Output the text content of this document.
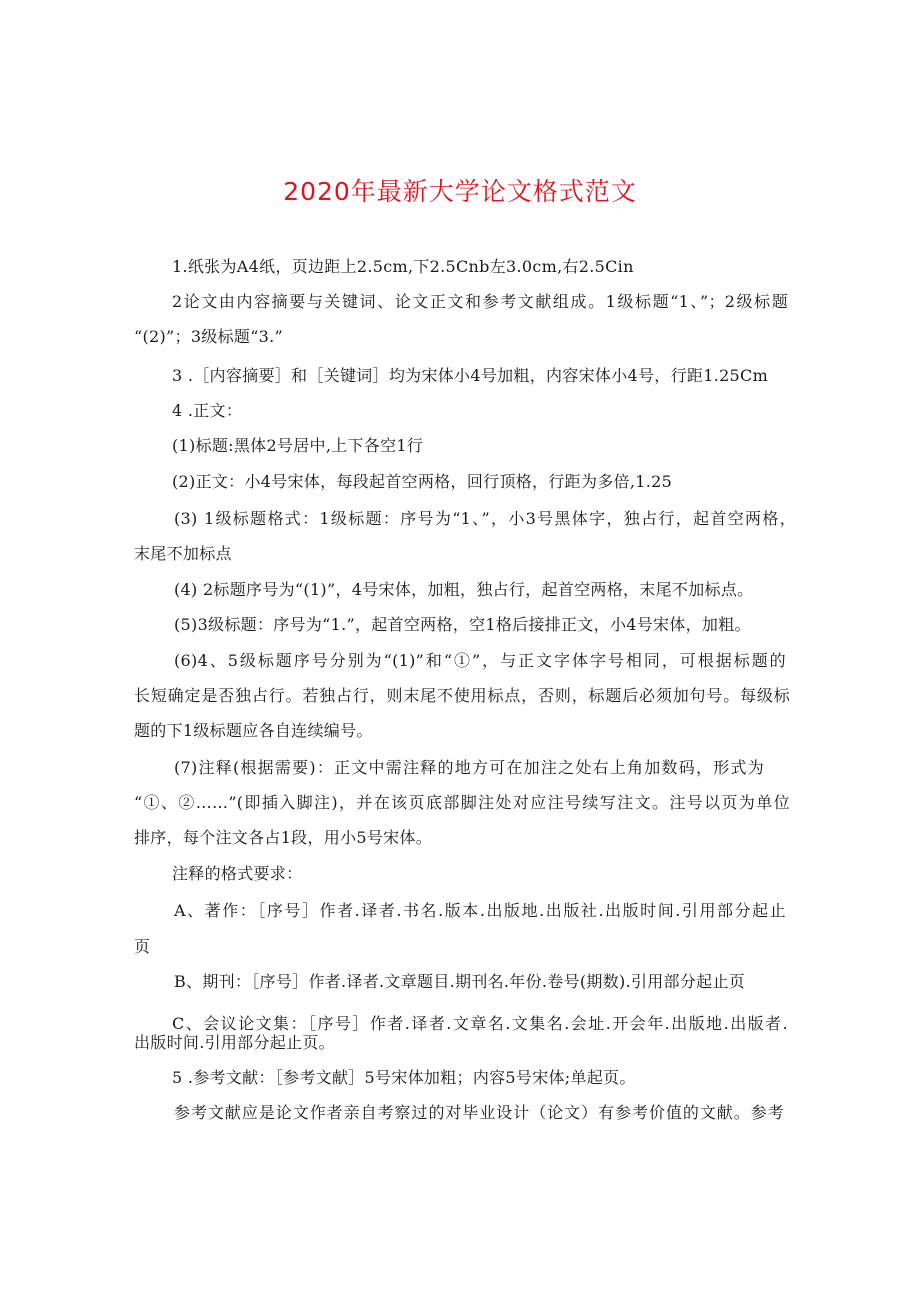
2020年最新大学论文格式范文
1.纸张为A4纸，页边距上2.5cm,下2.5Cnb左3.0cm,右2.5Cin
2论文由内容摘要与关键词、论文正文和参考文献组成。1级标题“1、”；2级标题
“(2)”；3级标题“3.”
3 .［内容摘要］和［关键词］均为宋体小4号加粗，内容宋体小4号，行距1.25Cm
4 .正文：
(1)标题:黑体2号居中,上下各空1行
(2)正文：小4号宋体，每段起首空两格，回行顶格，行距为多倍,1.25
(3) 1级标题格式：1级标题：序号为“1、”，小3号黑体字，独占行，起首空两格，
末尾不加标点
(4) 2标题序号为“(1)”，4号宋体，加粗，独占行，起首空两格，末尾不加标点。
(5)3级标题：序号为“1.”，起首空两格，空1格后接排正文，小4号宋体，加粗。
(6)4、5级标题序号分别为“(1)”和“①”，与正文字体字号相同，可根据标题的
长短确定是否独占行。若独占行，则末尾不使用标点，否则，标题后必须加句号。每级标
题的下1级标题应各自连续编号。
(7)注释(根据需要)：正文中需注释的地方可在加注之处右上角加数码，形式为
“①、②……”(即插入脚注)，并在该页底部脚注处对应注号续写注文。注号以页为单位
排序，每个注文各占1段，用小5号宋体。
注释的格式要求：
A、著作：［序号］作者.译者.书名.版本.出版地.出版社.出版时间.引用部分起止
页
B、期刊：［序号］作者.译者.文章题目.期刊名.年份.卷号(期数).引用部分起止页
C、会议论文集：［序号］作者.译者.文章名.文集名.会址.开会年.出版地.出版者.
出版时间.引用部分起止页。
5 .参考文献：［参考文献］5号宋体加粗；内容5号宋体;单起页。
参考文献应是论文作者亲自考察过的对毕业设计（论文）有参考价值的文献。参考
